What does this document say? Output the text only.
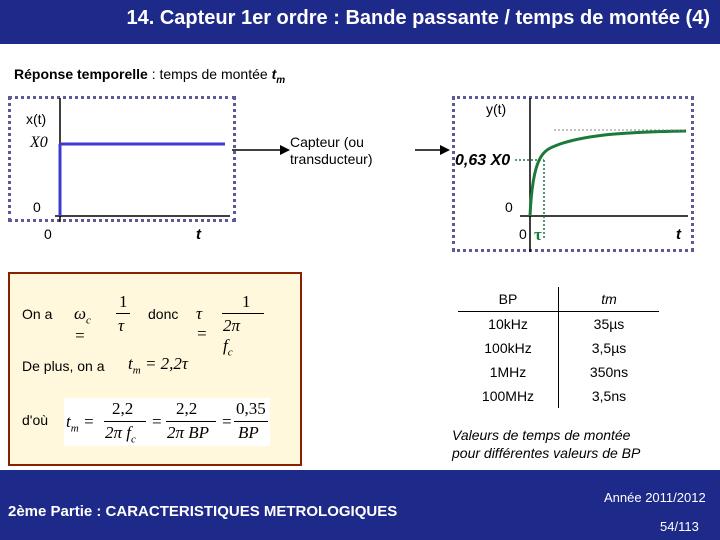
14. Capteur 1er ordre : Bande passante / temps de montée (4)
Réponse temporelle : temps de montée $t_m$
x(t)
X0
0
0	t
Capteur (ou
transducteur)
y(t)
0,63 X0
0
0 τ	t
On a $\omega_c$ =
1
τ
donc τ =
1
2π $f_c$
De plus, on a $t_m = 2,2\tau$
d'où $t_m$ =
2,2
2π $f_c$
=
2,2
2π BP
=
0,35
BP
BP	tm
10kHz	35µs
100kHz	3,5µs
1MHz	350ns
100MHz	3,5ns
Valeurs de temps de montée
pour différentes valeurs de BP
2ème Partie : CARACTERISTIQUES METROLOGIQUES
Année 2011/2012
54/113
